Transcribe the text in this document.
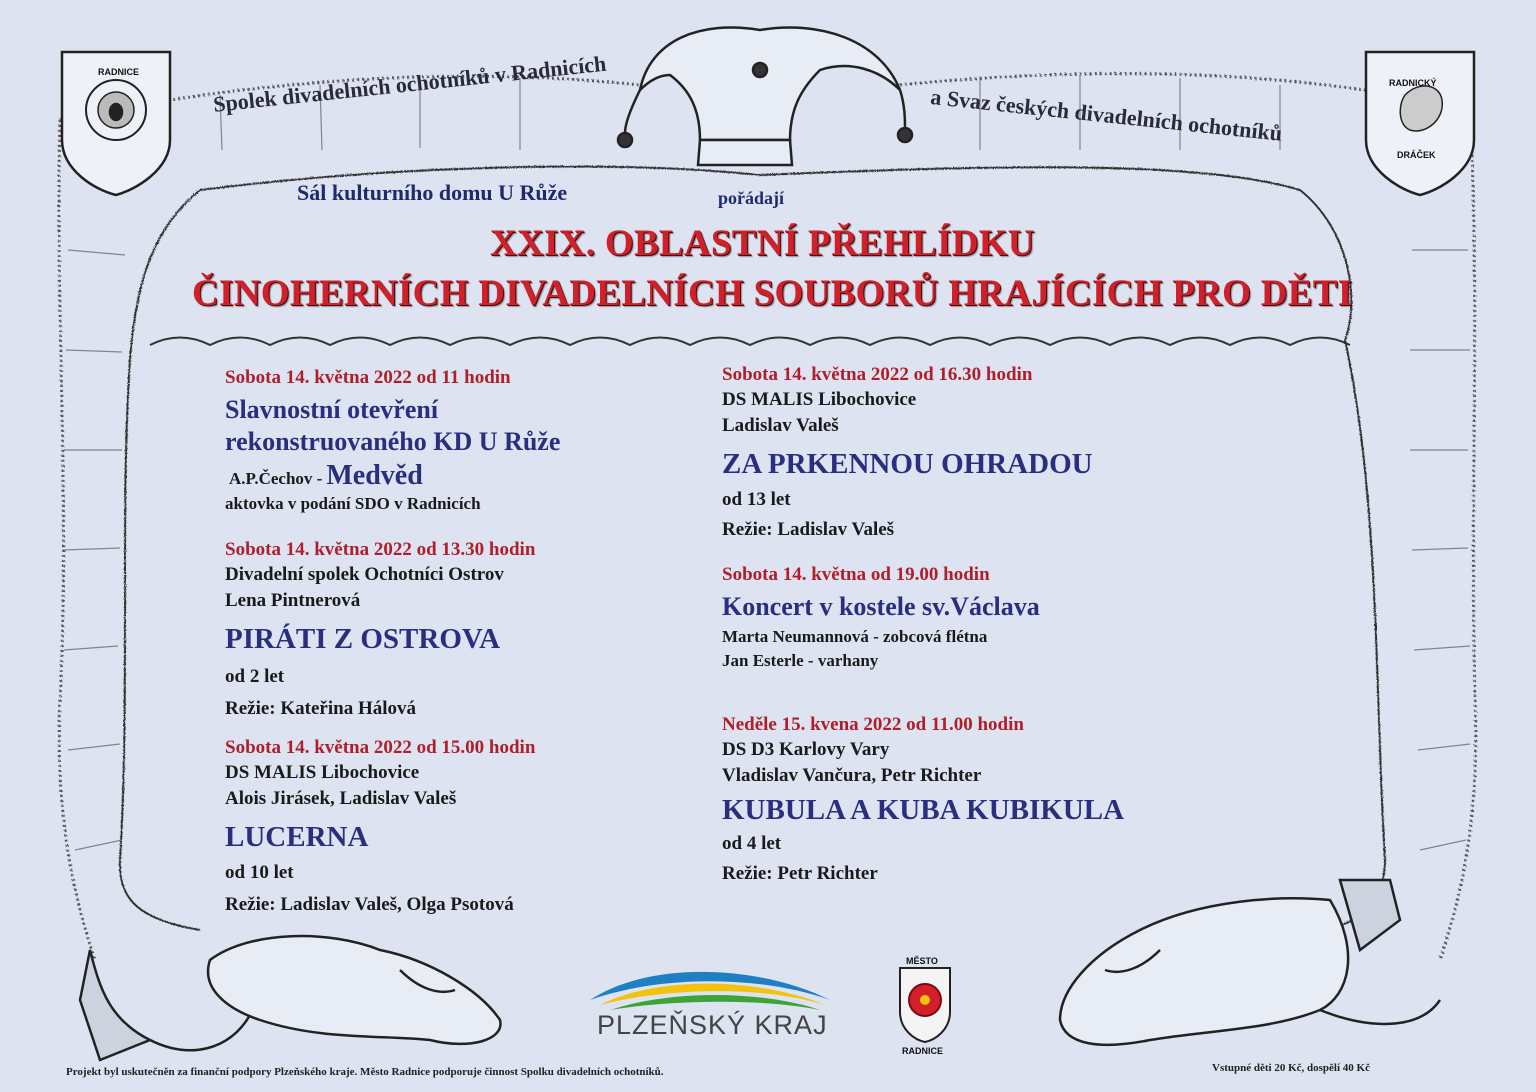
RADNICE
RADNICKÝ
DRÁČEK

Spolek divadelních ochotníků v Radnicích	a Svaz českých divadelních ochotníků

Sál kulturního domu U Růže	pořádají

XXIX. OBLASTNÍ PŘEHLÍDKU

ČINOHERNÍCH DIVADELNÍCH SOUBORŮ HRAJÍCÍCH PRO DĚTI

Sobota 14. května 2022 od 11 hodin

Slavnostní otevření

rekonstruovaného KD U Růže

A.P.Čechov - Medvěd

aktovka v podání SDO v Radnicích

Sobota 14. května 2022 od 13.30 hodin

Divadelní spolek Ochotníci Ostrov

Lena Pintnerová

PIRÁTI Z OSTROVA

od 2 let

Režie: Kateřina Hálová

Sobota 14. května 2022 od 15.00 hodin

DS MALIS Libochovice

Alois Jirásek, Ladislav Valeš

LUCERNA

od 10 let

Režie: Ladislav Valeš, Olga Psotová

Sobota 14. května 2022 od 16.30 hodin

DS MALIS Libochovice

Ladislav Valeš

ZA PRKENNOU OHRADOU

od 13 let

Režie: Ladislav Valeš

Sobota 14. května od 19.00 hodin

Koncert v kostele sv.Václava

Marta Neumannová - zobcová flétna

Jan Esterle - varhany

Neděle 15. kvena 2022 od 11.00 hodin

DS D3 Karlovy Vary

Vladislav Vančura, Petr Richter

KUBULA A KUBA KUBIKULA

od 4 let

Režie: Petr Richter

PLZEŇSKÝ KRAJ

MĚSTO

RADNICE

Projekt byl uskutečněn za finanční podpory Plzeňského kraje. Město Radnice podporuje činnost Spolku divadelních ochotníků.	Vstupné děti 20 Kč, dospělí 40 Kč
